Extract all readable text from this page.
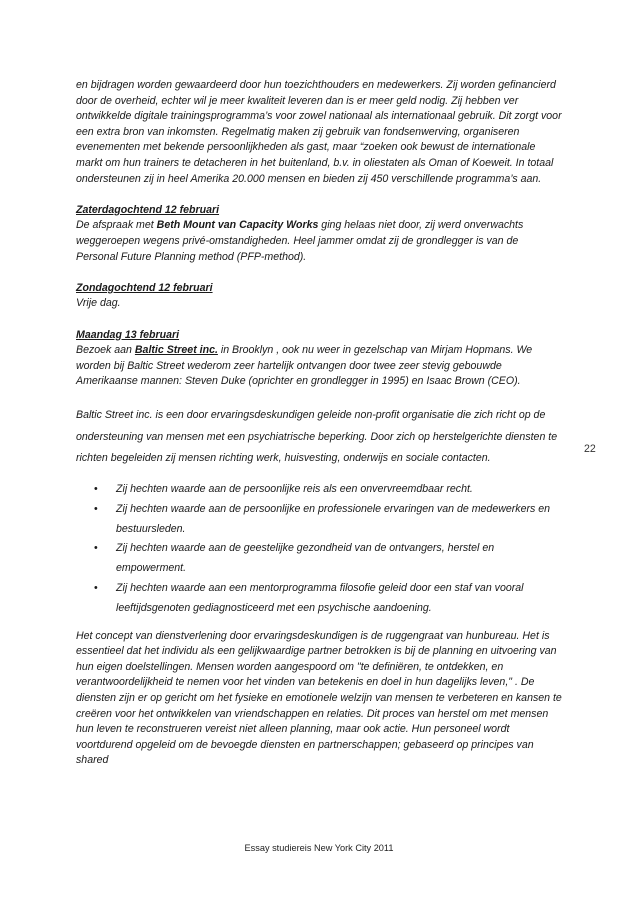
en bijdragen worden gewaardeerd door hun toezichthouders en medewerkers. Zij worden gefinancierd door de overheid, echter wil je meer kwaliteit leveren dan is er meer geld nodig. Zij hebben ver ontwikkelde digitale trainingsprogramma’s voor zowel nationaal als internationaal gebruik. Dit zorgt voor een extra bron van inkomsten. Regelmatig maken zij gebruik van fondsenwerving, organiseren evenementen met bekende persoonlijkheden als gast, maar “zoeken ook bewust de internationale markt om hun trainers te detacheren in het buitenland, b.v. in oliestaten als Oman of Koeweit. In totaal ondersteunen zij in heel Amerika 20.000 mensen en bieden zij 450 verschillende programma’s aan.

Zaterdagochtend 12 februari

De afspraak met Beth Mount van Capacity Works ging helaas niet door, zij werd onverwachts weggeroepen wegens privé-omstandigheden. Heel jammer omdat zij de grondlegger is van de Personal Future Planning method (PFP-method).

Zondagochtend 12 februari

Vrije dag.

Maandag 13 februari

Bezoek aan Baltic Street inc. in Brooklyn , ook nu weer in gezelschap van Mirjam Hopmans. We worden bij Baltic Street wederom zeer hartelijk ontvangen door twee zeer stevig gebouwde Amerikaanse mannen: Steven Duke (oprichter en grondlegger in 1995) en Isaac Brown (CEO).

Baltic Street inc. is een door ervaringsdeskundigen geleide non-profit organisatie die zich richt op de ondersteuning van mensen met een psychiatrische beperking. Door zich op herstelgerichte diensten te richten begeleiden zij mensen richting werk, huisvesting, onderwijs en sociale contacten.

• Zij hechten waarde aan de persoonlijke reis als een onvervreemdbaar recht.
• Zij hechten waarde aan de persoonlijke en professionele ervaringen van de medewerkers en bestuursleden.
• Zij hechten waarde aan de geestelijke gezondheid van de ontvangers, herstel en empowerment.
• Zij hechten waarde aan een mentorprogramma filosofie geleid door een staf van vooral leeftijdsgenoten gediagnosticeerd met een psychische aandoening.

Het concept van dienstverlening door ervaringsdeskundigen is de ruggengraat van hunbureau. Het is essentieel dat het individu als een gelijkwaardige partner betrokken is bij de planning en uitvoering van hun eigen doelstellingen. Mensen worden aangespoord om "te definiëren, te ontdekken, en verantwoordelijkheid te nemen voor het vinden van betekenis en doel in hun dagelijks leven," . De diensten zijn er op gericht om het fysieke en emotionele welzijn van mensen te verbeteren en kansen te creëren voor het ontwikkelen van vriendschappen en relaties. Dit proces van herstel om met mensen hun leven te reconstrueren vereist niet alleen planning, maar ook actie. Hun personeel wordt voortdurend opgeleid om de bevoegde diensten en partnerschappen; gebaseerd op principes van shared

22
Essay studiereis New York City 2011
